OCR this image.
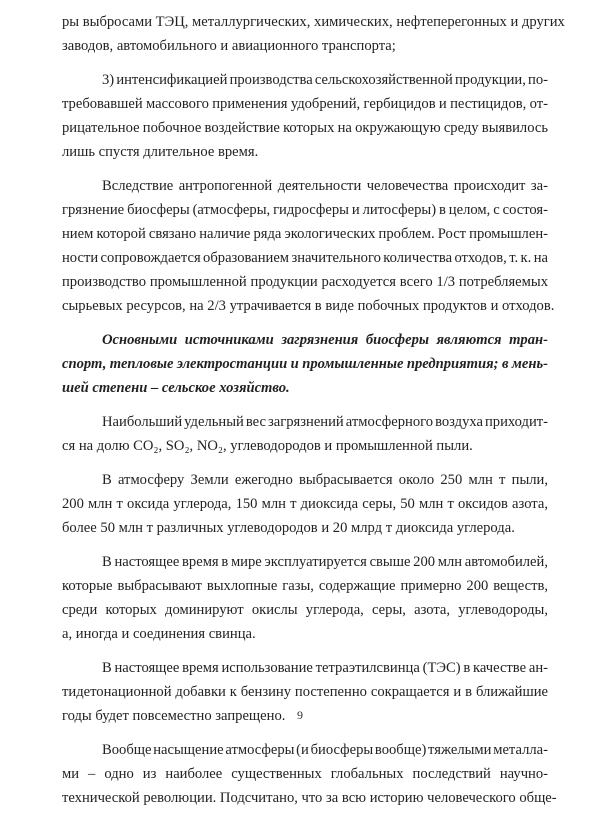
ры выбросами ТЭЦ, металлургических, химических, нефтеперегонных и других
заводов, автомобильного и авиационного транспорта;
3) интенсификацией производства сельскохозяйственной продукции, по-
требовавшей массового применения удобрений, гербицидов и пестицидов, от-
рицательное побочное воздействие которых на окружающую среду выявилось
лишь спустя длительное время.
Вследствие антропогенной деятельности человечества происходит за-
грязнение биосферы (атмосферы, гидросферы и литосферы) в целом, с состоя-
нием которой связано наличие ряда экологических проблем. Рост промышлен-
ности сопровождается образованием значительного количества отходов, т. к. на
производство промышленной продукции расходуется всего 1/3 потребляемых
сырьевых ресурсов, на 2/3 утрачивается в виде побочных продуктов и отходов.
Основными источниками загрязнения биосферы являются тран-
спорт, тепловые электростанции и промышленные предприятия; в мень-
шей степени – сельское хозяйство.
Наибольший удельный вес загрязнений атмосферного воздуха приходит-
ся на долю CO₂, SO₂, NO₂, углеводородов и промышленной пыли.
В атмосферу Земли ежегодно выбрасывается около 250 млн т пыли,
200 млн т оксида углерода, 150 млн т диоксида серы, 50 млн т оксидов азота,
более 50 млн т различных углеводородов и 20 млрд т диоксида углерода.
В настоящее время в мире эксплуатируется свыше 200 млн автомобилей,
которые выбрасывают выхлопные газы, содержащие примерно 200 веществ,
среди которых доминируют окислы углерода, серы, азота, углеводороды,
а, иногда и соединения свинца.
В настоящее время использование тетраэтилсвинца (ТЭС) в качестве ан-
тидетонационной добавки к бензину постепенно сокращается и в ближайшие
годы будет повсеместно запрещено.
Вообще насыщение атмосферы (и биосферы вообще) тяжелыми металла-
ми – одно из наиболее существенных глобальных последствий научно-
технической революции. Подсчитано, что за всю историю человеческого обще-
9
